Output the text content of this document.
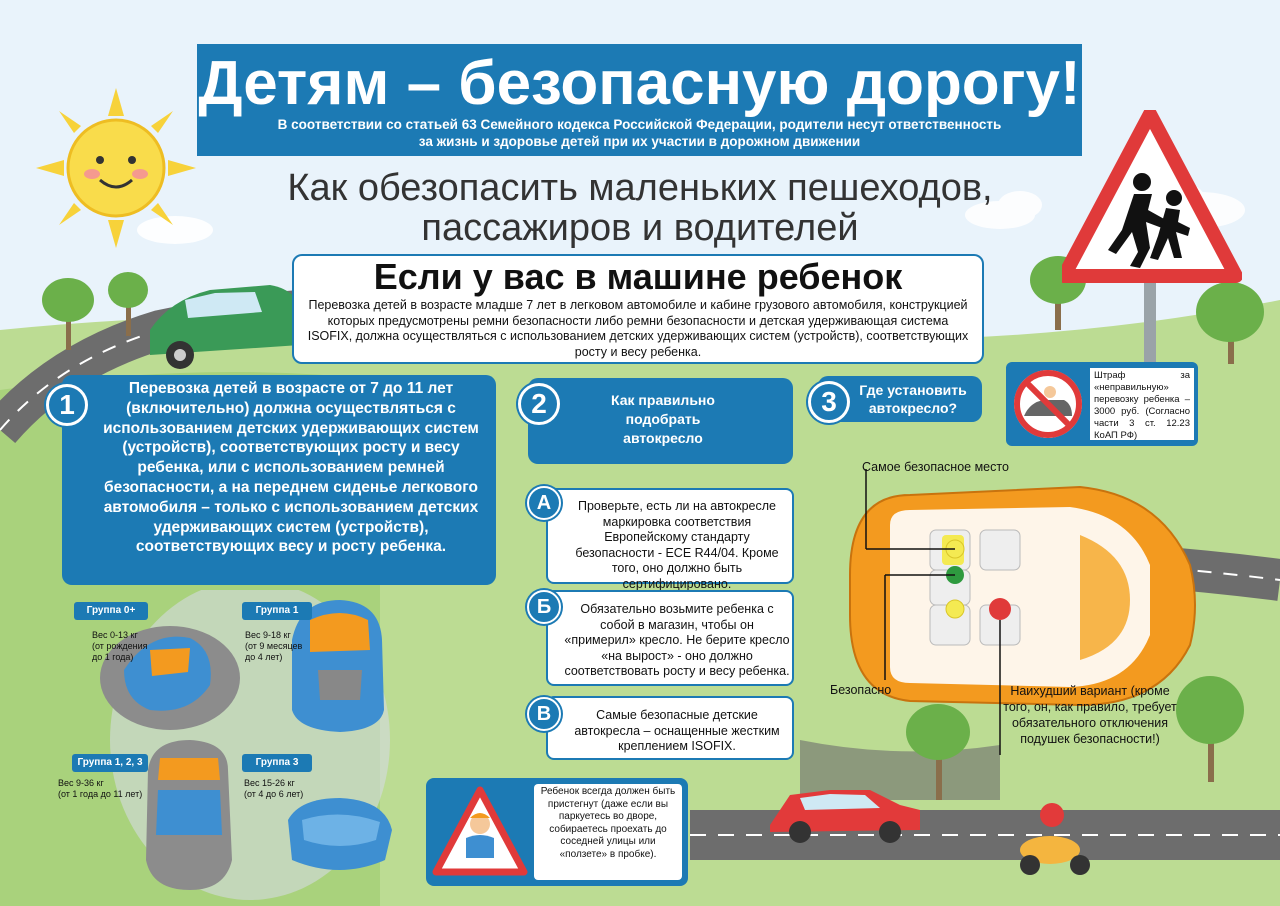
Детям – безопасную дорогу!
В соответствии со статьей 63 Семейного кодекса Российской Федерации, родители несут ответственность
за жизнь и здоровье детей при их участии в дорожном движении
Как обезопасить маленьких пешеходов,
пассажиров и водителей
Если у вас в машине ребенок
Перевозка детей в возрасте младше 7 лет в легковом автомобиле и кабине грузового автомобиля, конструкцией которых предусмотрены ремни безопасности либо ремни безопасности и детская удерживающая система ISOFIX, должна осуществляться с использованием детских удерживающих систем (устройств), соответствующих росту и весу ребенка.
Перевозка детей в возрасте от 7 до 11 лет (включительно) должна осуществляться с использованием детских удерживающих систем (устройств), соответствующих росту и весу ребенка, или с использованием ремней безопасности, а на переднем сиденье легкового автомобиля – только с использованием детских удерживающих систем (устройств), соответствующих весу и росту ребенка.
1	Как правильно подобрать автокресло
2	Где установить автокресло?
3
Штраф за «неправильную» перевозку ребенка – 3000 руб. (Согласно части 3 ст. 12.23 КоАП РФ)
Проверьте, есть ли на автокресле маркировка соответствия Европейскому стандарту безопасности - ECE R44/04. Кроме того, оно должно быть сертифицировано.
А
Обязательно возьмите ребенка с собой в магазин, чтобы он «примерил» кресло. Не берите кресло «на вырост» - оно должно соответствовать росту и весу ребенка.
Б
Самые безопасные детские автокресла – оснащенные жестким креплением ISOFIX.
В
Группа 0+
Вес 0-13 кг
(от рождения
до 1 года)
Группа 1
Вес 9-18 кг
(от 9 месяцев
до 4 лет)
Группа 1, 2, 3
Вес 9-36 кг
(от 1 года до 11 лет)
Группа 3
Вес 15-26 кг
(от 4 до 6 лет)
Самое безопасное место
Безопасно	Наихудший вариант (кроме того, он, как правило, требует обязательного отключения подушек безопасности!)
Ребенок всегда должен быть пристегнут (даже если вы паркуетесь во дворе, собираетесь проехать до соседней улицы или «ползете» в пробке).
